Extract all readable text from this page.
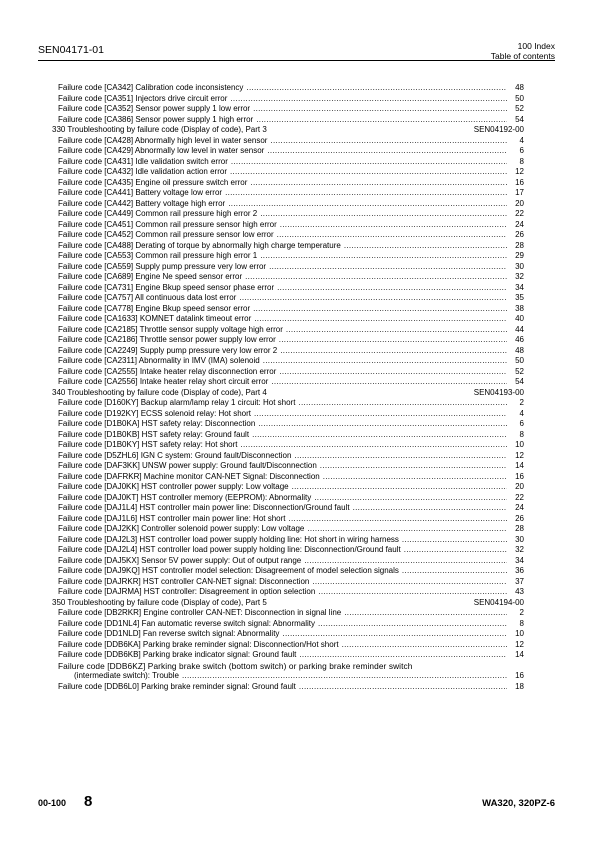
SEN04171-01	100 Index
Table of contents
Failure code [CA342] Calibration code inconsistency .....	48
Failure code [CA351] Injectors drive circuit error .....	50
Failure code [CA352] Sensor power supply 1 low error .....	52
Failure code [CA386] Sensor power supply 1 high error .....	54
330 Troubleshooting by failure code (Display of code), Part 3	SEN04192-00
Failure code [CA428] Abnormally high level in water sensor .....	4
Failure code [CA429] Abnormally low level in water sensor .....	6
Failure code [CA431] Idle validation switch error .....	8
Failure code [CA432] Idle validation action error .....	12
Failure code [CA435] Engine oil pressure switch error .....	16
Failure code [CA441] Battery voltage low error .....	17
Failure code [CA442] Battery voltage high error .....	20
Failure code [CA449] Common rail pressure high error 2 .....	22
Failure code [CA451] Common rail pressure sensor high error .....	24
Failure code [CA452] Common rail pressure sensor low error .....	26
Failure code [CA488] Derating of torque by abnormally high charge temperature .....	28
Failure code [CA553] Common rail pressure high error 1 .....	29
Failure code [CA559] Supply pump pressure very low error .....	30
Failure code [CA689] Engine Ne speed sensor error .....	32
Failure code [CA731] Engine Bkup speed sensor phase error .....	34
Failure code [CA757] All continuous data lost error .....	35
Failure code [CA778] Engine Bkup speed sensor error .....	38
Failure code [CA1633] KOMNET datalink timeout error .....	40
Failure code [CA2185] Throttle sensor supply voltage high error .....	44
Failure code [CA2186] Throttle sensor power supply low error .....	46
Failure code [CA2249] Supply pump pressure very low error 2 .....	48
Failure code [CA2311] Abnormality in IMV (IMA) solenoid .....	50
Failure code [CA2555] Intake heater relay disconnection error .....	52
Failure code [CA2556] Intake heater relay short circuit error .....	54
340 Troubleshooting by failure code (Display of code), Part 4	SEN04193-00
Failure code [D160KY] Backup alarm/lamp relay 1 circuit: Hot short .....	2
Failure code [D192KY] ECSS solenoid relay: Hot short .....	4
Failure code [D1B0KA] HST safety relay: Disconnection .....	6
Failure code [D1B0KB] HST safety relay: Ground fault .....	8
Failure code [D1B0KY] HST safety relay: Hot short .....	10
Failure code [D5ZHL6] IGN C system: Ground fault/Disconnection .....	12
Failure code [DAF3KK] UNSW power supply: Ground fault/Disconnection .....	14
Failure code [DAFRKR] Machine monitor CAN-NET Signal: Disconnection .....	16
Failure code [DAJ0KK] HST controller power supply: Low voltage .....	20
Failure code [DAJ0KT] HST controller memory (EEPROM): Abnormality .....	22
Failure code [DAJ1L4] HST controller main power line: Disconnection/Ground fault .....	24
Failure code [DAJ1L6] HST controller main power line: Hot short .....	26
Failure code [DAJ2KK] Controller solenoid power supply: Low voltage .....	28
Failure code [DAJ2L3] HST controller load power supply holding line: Hot short in wiring harness .....	30
Failure code [DAJ2L4] HST controller load power supply holding line: Disconnection/Ground fault .....	32
Failure code [DAJ5KX] Sensor 5V power supply: Out of output range .....	34
Failure code [DAJ9KQ] HST controller model selection: Disagreement of model selection signals .....	36
Failure code [DAJRKR] HST controller CAN-NET signal: Disconnection .....	37
Failure code [DAJRMA] HST controller: Disagreement in option selection .....	43
350 Troubleshooting by failure code (Display of code), Part 5	SEN04194-00
Failure code [DB2RKR] Engine controller CAN-NET: Disconnection in signal line .....	2
Failure code [DD1NL4] Fan automatic reverse switch signal: Abnormality .....	8
Failure code [DD1NLD] Fan reverse switch signal: Abnormality .....	10
Failure code [DDB6KA] Parking brake reminder signal: Disconnection/Hot short .....	12
Failure code [DDB6KB] Parking brake indicator signal: Ground fault .....	14
Failure code [DDB6KZ] Parking brake switch (bottom switch) or parking brake reminder switch
(intermediate switch): Trouble .....	16
Failure code [DDB6L0] Parking brake reminder signal: Ground fault .....	18
00-100 8	WA320, 320PZ-6
